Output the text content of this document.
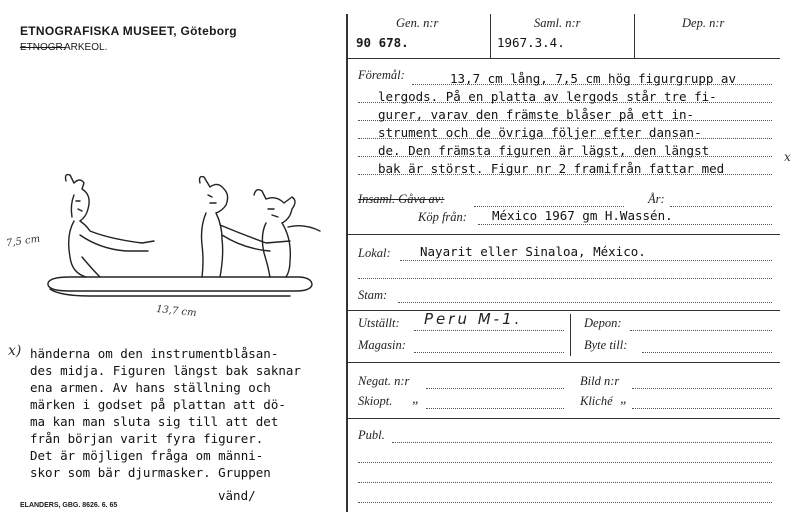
ETNOGRAFISKA MUSEET, Göteborg
ETNOGR.
ARKEOL.
7,5 cm
13,7 cm
x) händerna om den instrumentblåsan-
des midja. Figuren längst bak saknar
ena armen. Av hans ställning och
märken i godset på plattan att dö-
ma kan man sluta sig till att det
från början varit fyra figurer.
Det är möjligen fråga om männi-
skor som bär djurmasker. Gruppen
vänd/
ELANDERS, GBG. 8626. 6. 65
Gen. n:r
90 678.
Saml. n:r
1967.3.4.
Dep. n:r
Föremål:	13,7 cm lång, 7,5 cm hög figurgrupp av
lergods. På en platta av lergods står tre fi-
gurer, varav den främste blåser på ett in-
strument och de övriga följer efter dansan-
de. Den främsta figuren är lägst, den längst
bak är störst. Figur nr 2 framifrån fattar med
x
Insaml. Gåva av:	År:
Köp från: México 1967 gm H.Wassén.
Lokal: Nayarit eller Sinaloa, México.
Stam:
Utställt: Peru M-1.	Depon:
Magasin:	Byte till:
Negat. n:r	Bild n:r
Skiopt. „	Kliché „
Publ.
